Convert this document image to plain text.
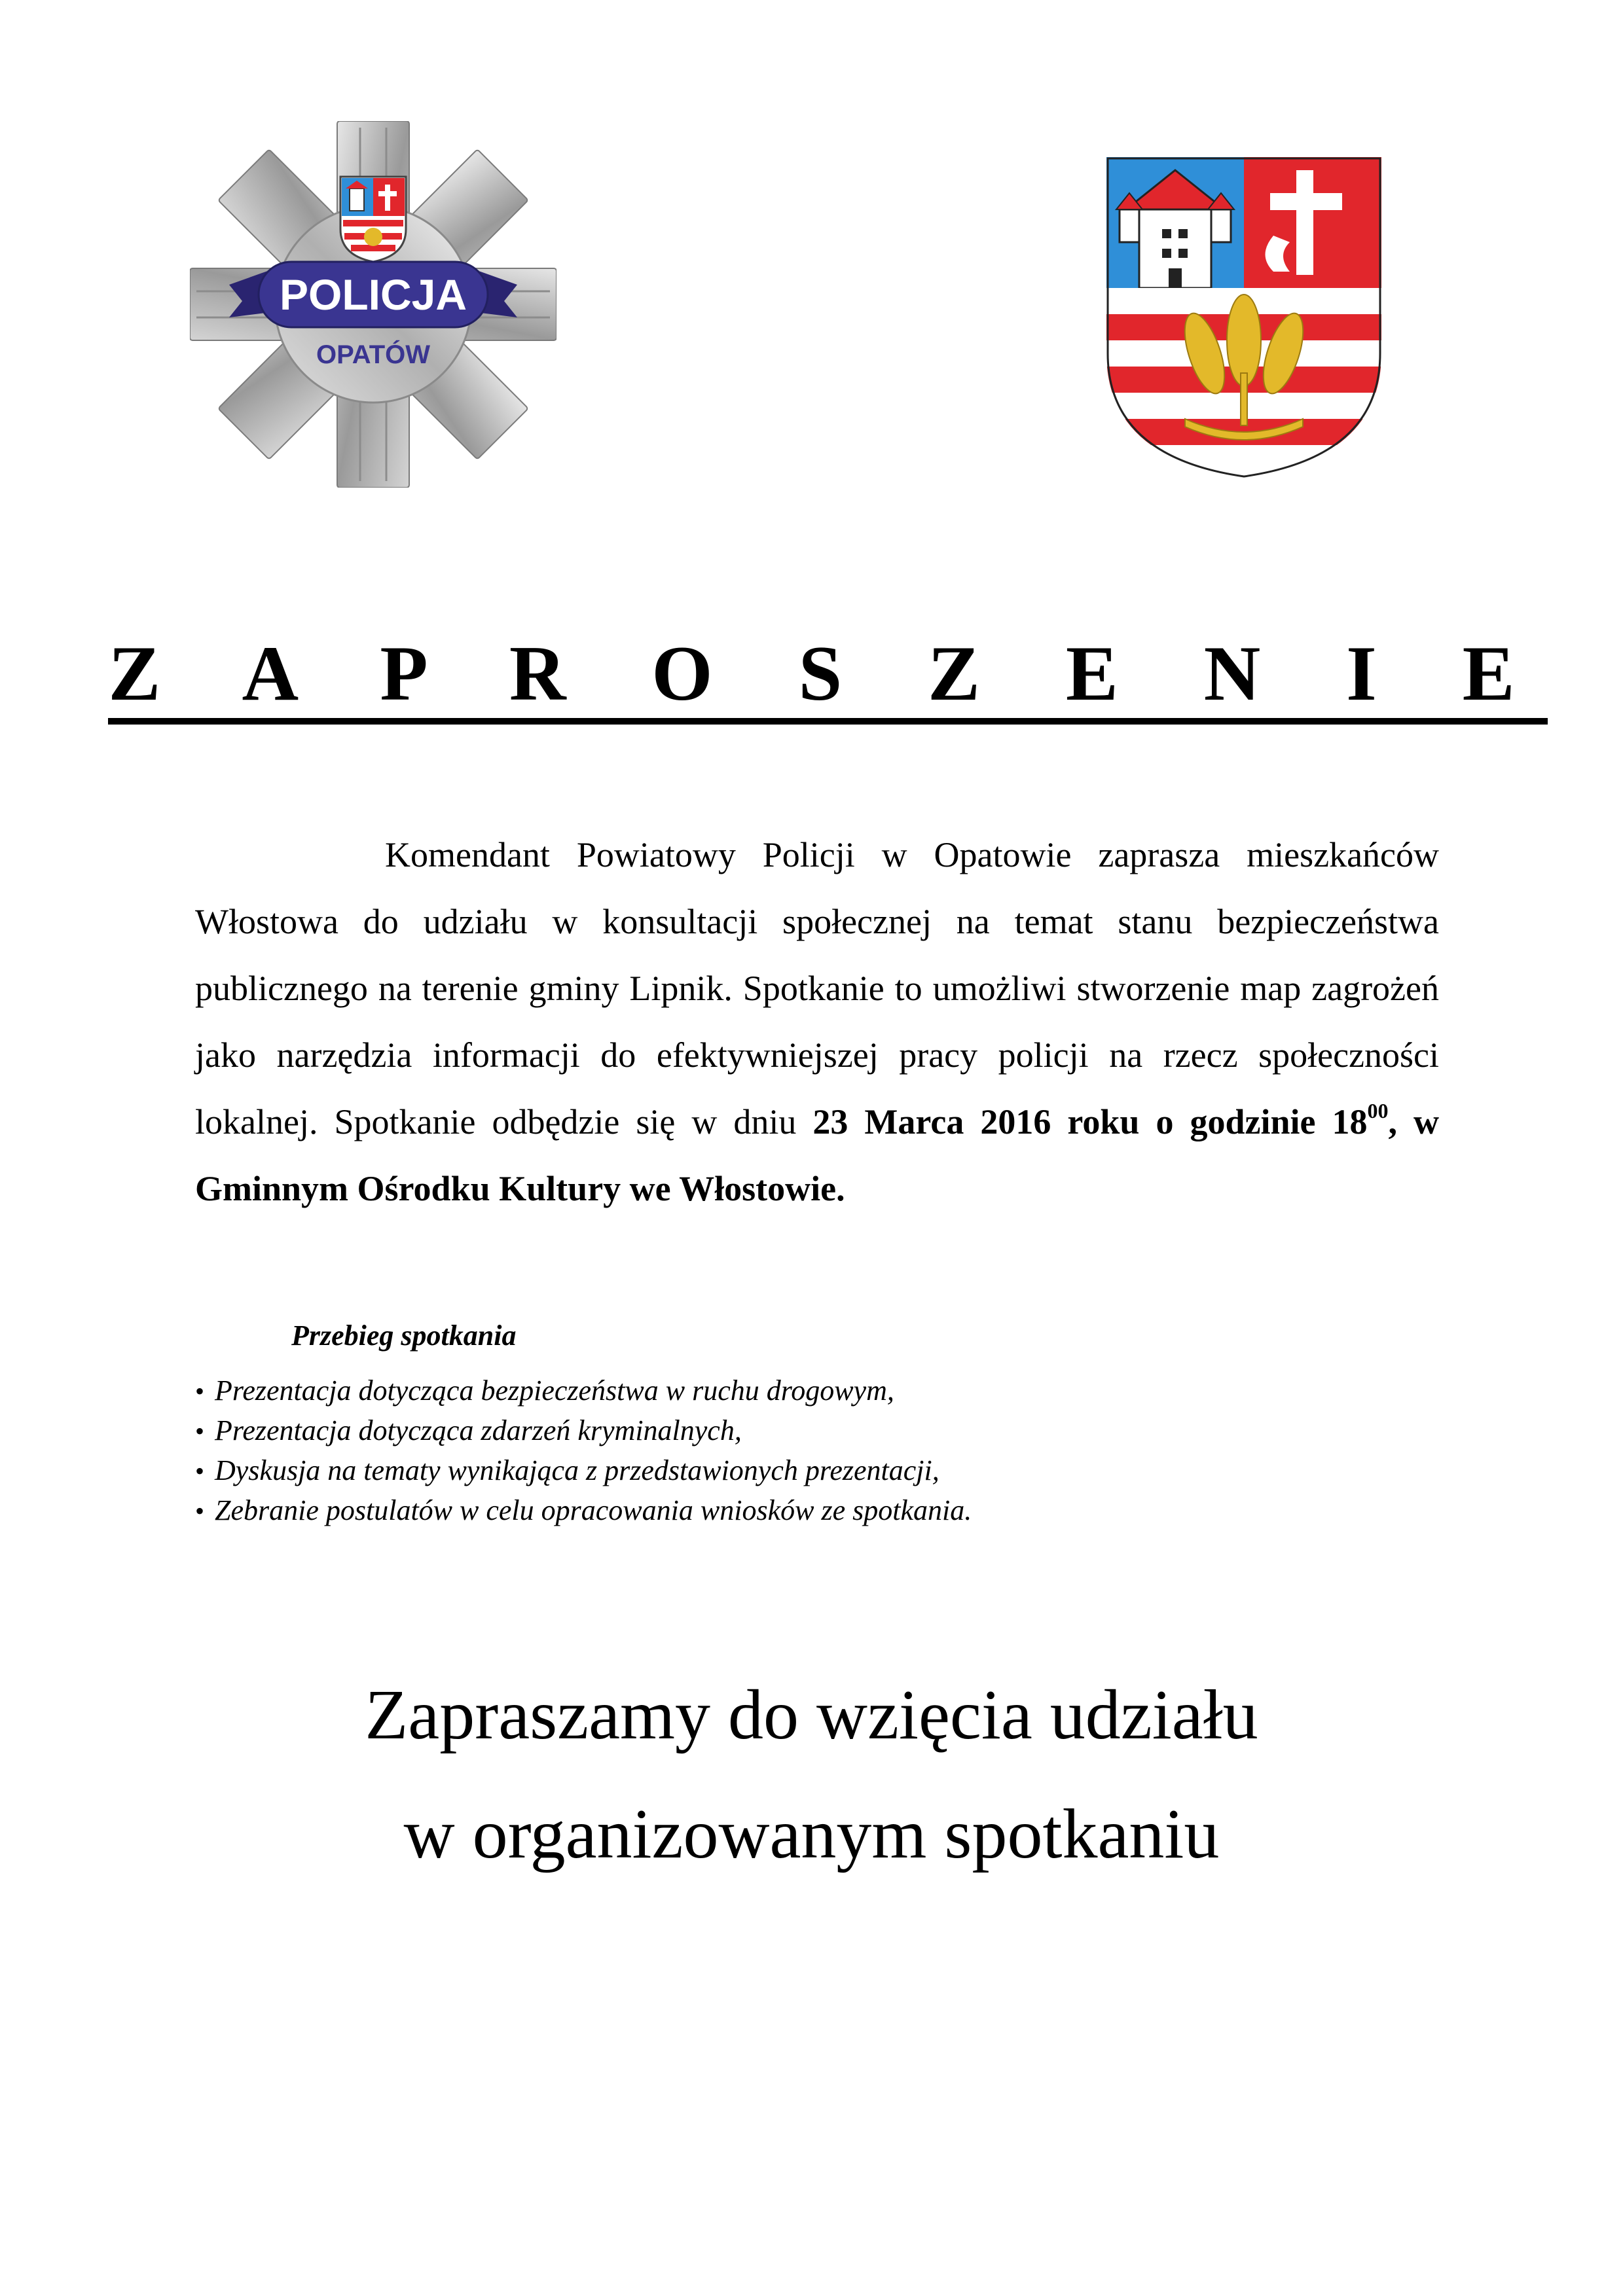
POLICJA
OPATÓW
Z A P R O S Z E N I E

Komendant Powiatowy Policji w Opatowie zaprasza mieszkańców Włostowa do udziału w konsultacji społecznej na temat stanu bezpieczeństwa publicznego na terenie gminy Lipnik. Spotkanie to umożliwi stworzenie map zagrożeń jako narzędzia informacji do efektywniejszej pracy policji na rzecz społeczności lokalnej. Spotkanie odbędzie się w dniu 23 Marca 2016 roku o godzinie $18^{00}$, w Gminnym Ośrodku Kultury we Włostowie.

Przebieg spotkania

• Prezentacja dotycząca bezpieczeństwa w ruchu drogowym,
• Prezentacja dotycząca zdarzeń kryminalnych,
• Dyskusja na tematy wynikająca z przedstawionych prezentacji,
• Zebranie postulatów w celu opracowania wniosków ze spotkania.
Zapraszamy do wzięcia udziału
w organizowanym spotkaniu
